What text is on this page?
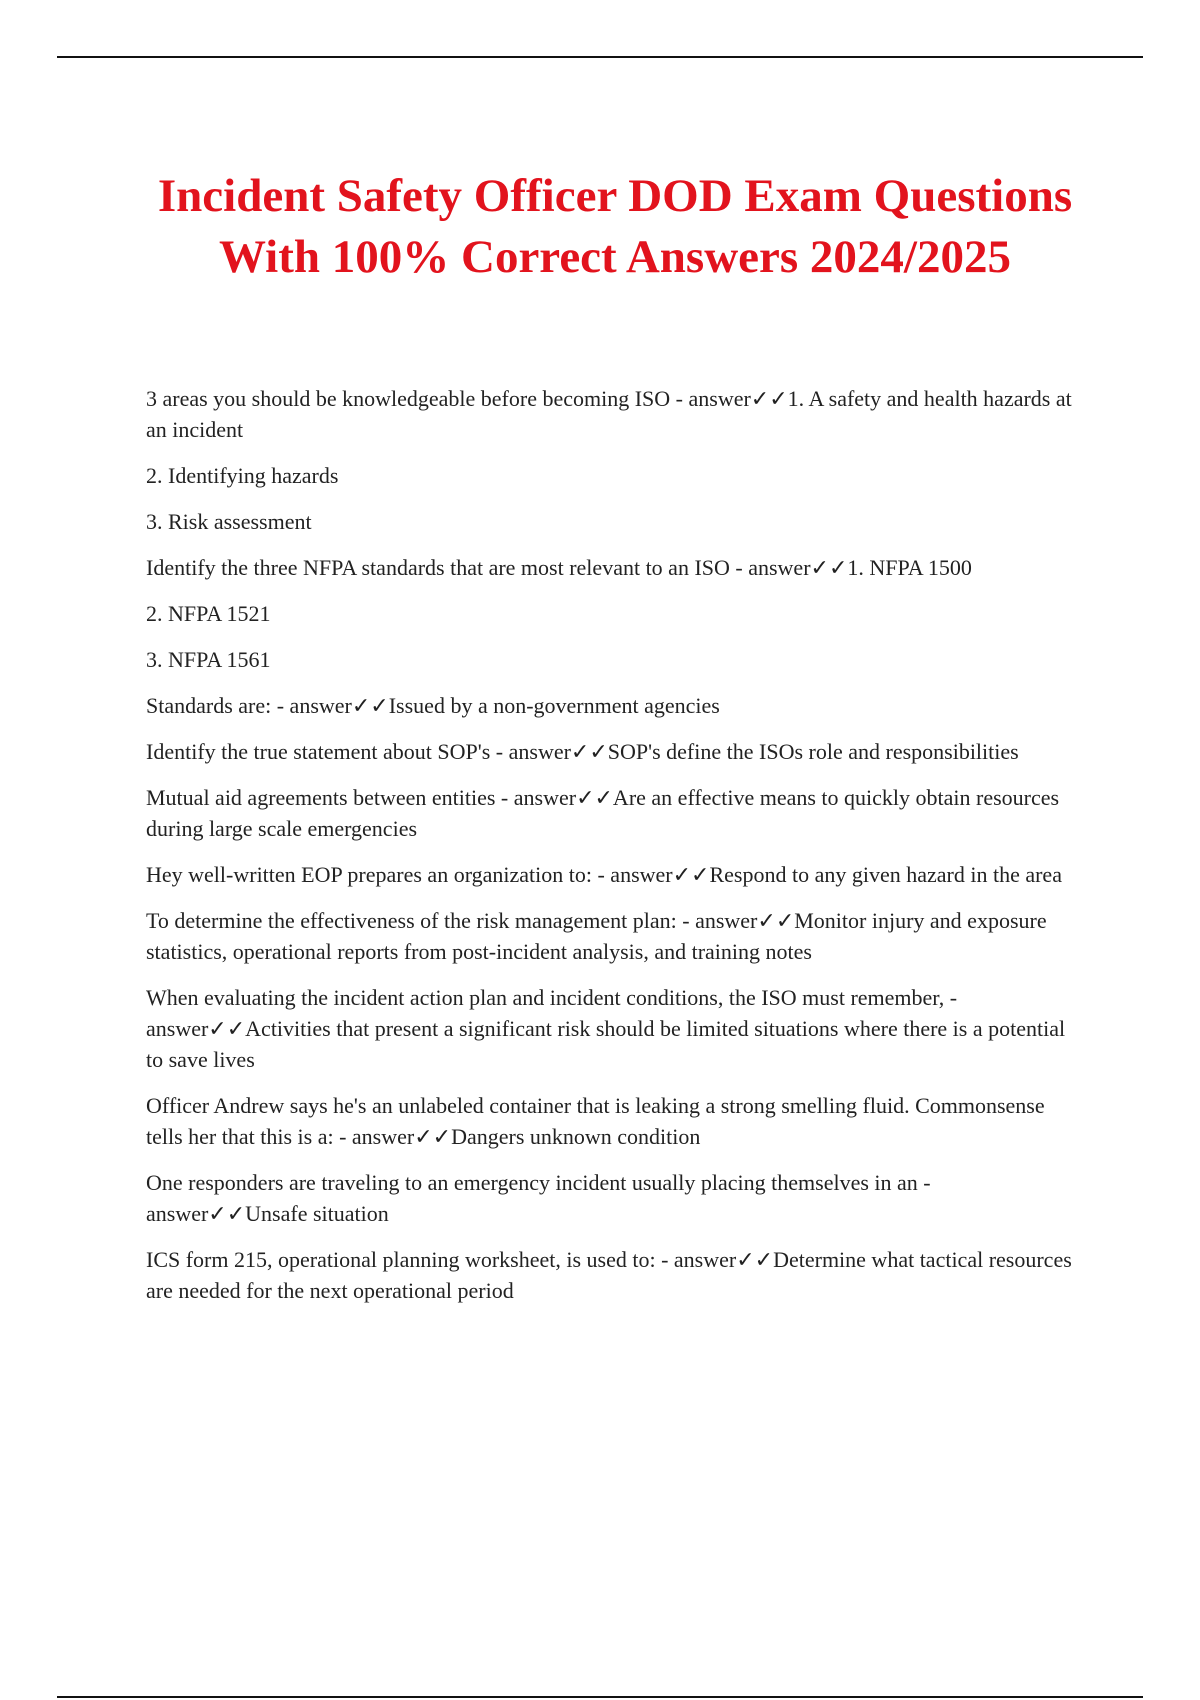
Incident Safety Officer DOD Exam Questions
With 100% Correct Answers 2024/2025

3 areas you should be knowledgeable before becoming ISO - answer✓✓1. A safety and health hazards at an incident

2. Identifying hazards

3. Risk assessment

Identify the three NFPA standards that are most relevant to an ISO - answer✓✓1. NFPA 1500

2. NFPA 1521

3. NFPA 1561

Standards are: - answer✓✓Issued by a non-government agencies

Identify the true statement about SOP's - answer✓✓SOP's define the ISOs role and responsibilities

Mutual aid agreements between entities - answer✓✓Are an effective means to quickly obtain resources during large scale emergencies

Hey well-written EOP prepares an organization to: - answer✓✓Respond to any given hazard in the area

To determine the effectiveness of the risk management plan: - answer✓✓Monitor injury and exposure statistics, operational reports from post-incident analysis, and training notes

When evaluating the incident action plan and incident conditions, the ISO must remember, - answer✓✓Activities that present a significant risk should be limited situations where there is a potential to save lives

Officer Andrew says he's an unlabeled container that is leaking a strong smelling fluid. Commonsense tells her that this is a: - answer✓✓Dangers unknown condition

One responders are traveling to an emergency incident usually placing themselves in an - answer✓✓Unsafe situation

ICS form 215, operational planning worksheet, is used to: - answer✓✓Determine what tactical resources are needed for the next operational period
